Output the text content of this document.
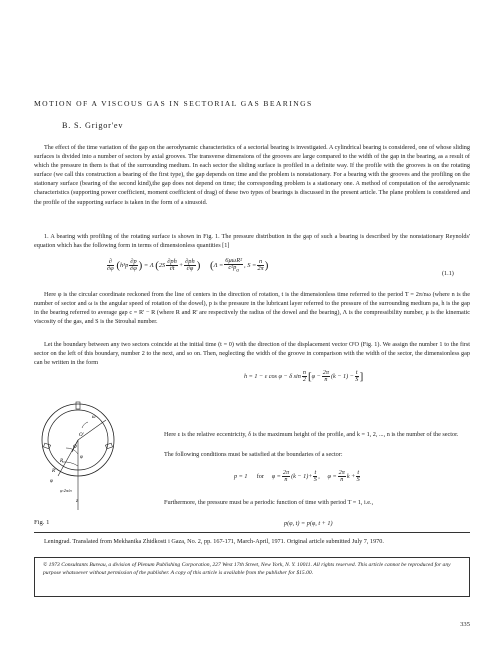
MOTION OF A VISCOUS GAS IN SECTORIAL GAS BEARINGS
B. S. Grigor'ev
The effect of the time variation of the gap on the aerodynamic characteristics of a sectorial bearing is investigated. A cylindrical bearing is considered, one of whose sliding surfaces is divided into a number of sectors by axial grooves. The transverse dimensions of the grooves are large compared to the width of the gap in the bearing, as a result of which the pressure in them is that of the surrounding medium. In each sector the sliding surface is profiled in a definite way. If the profile with the grooves is on the rotating surface (we call this construction a bearing of the first type), the gap depends on time and the problem is nonstationary. For a bearing with the grooves and the profiling on the stationary surface (bearing of the second kind),the gap does not depend on time; the corresponding problem is a stationary one. A method of computation of the aerodynamic characteristics (supporting power coefficient, moment coefficient of drag) of these two types of bearings is discussed in the present article. The plane problem is considered and the profile of the supporting surface is taken in the form of a sinusoid.
1. A bearing with profiling of the rotating surface is shown in Fig. 1. The pressure distribution in the gap of such a bearing is described by the nonstationary Reynolds' equation which has the following form in terms of dimensionless quantities [1]
$\frac{\partial}{\partial\varphi} (h^3p \frac{\partial p}{\partial\varphi}$ ) = Λ ($2S \frac{\partial ph}{\partial t} + \frac{\partial ph}{\partial\varphi}$ ) ($\Lambda = \frac{\text{6μωR²}}{c^2p_a}$ , $S = \frac{n}{2\pi}$ )
(1.1)
Here φ is the circular coordinate reckoned from the line of centers in the direction of rotation, t is the dimensionless time referred to the period T = 2π/nω (where n is the number of sector and ω is the angular speed of rotation of the dowel), p is the pressure in the lubricant layer referred to the pressure of the surrounding medium pa, h is the gap in the bearing referred to average gap c = R' − R (where R and R' are respectively the radius of the dowel and the bearing), Λ is the compressibility number, μ is the kinematic viscosity of the gas, and S is the Strouhal number.
Let the boundary between any two sectors coincide at the initial time (t = 0) with the direction of the displacement vector O'O (Fig. 1). We assign the number 1 to the first sector on the left of this boundary, number 2 to the next, and so on. Then, neglecting the width of the groove in comparison with the width of the sector, the dimensionless gap can be written in the form
h = 1 − ε cos φ − δ $\sin \frac{n}{2} [\varphi - \frac{2\pi}{n} (k - 1) - \frac{t}{S}$ ]
O'
O
ω
φ
R
R'
φ
φ·2π/n
z
Fig. 1
Here ε is the relative eccentricity, δ is the maximum height of the profile, and k = 1, 2, ..., n is the number of the sector.
The following conditions must be satisfied at the boundaries of a sector:
p = 1      for     $\varphi = \frac{2\pi}{n} (k - 1)+ \frac{t}{S}$ ,     $\varphi = \frac{2\pi}{n}$ $k + \frac{t}{S}$
Furthermore, the pressure must be a periodic function of time with period T = 1, i.e.,
p(φ, t) = p(φ, t + 1)
Leningrad. Translated from Mekhanika Zhidkosti i Gaza, No. 2, pp. 167-171, March-April, 1971. Original article submitted July 7, 1970.
© 1973 Consultants Bureau, a division of Plenum Publishing Corporation, 227 West 17th Street, New York, N. Y. 10011. All rights reserved. This article cannot be reproduced for any purpose whatsoever without permission of the publisher. A copy of this article is available from the publisher for $15.00.
335
